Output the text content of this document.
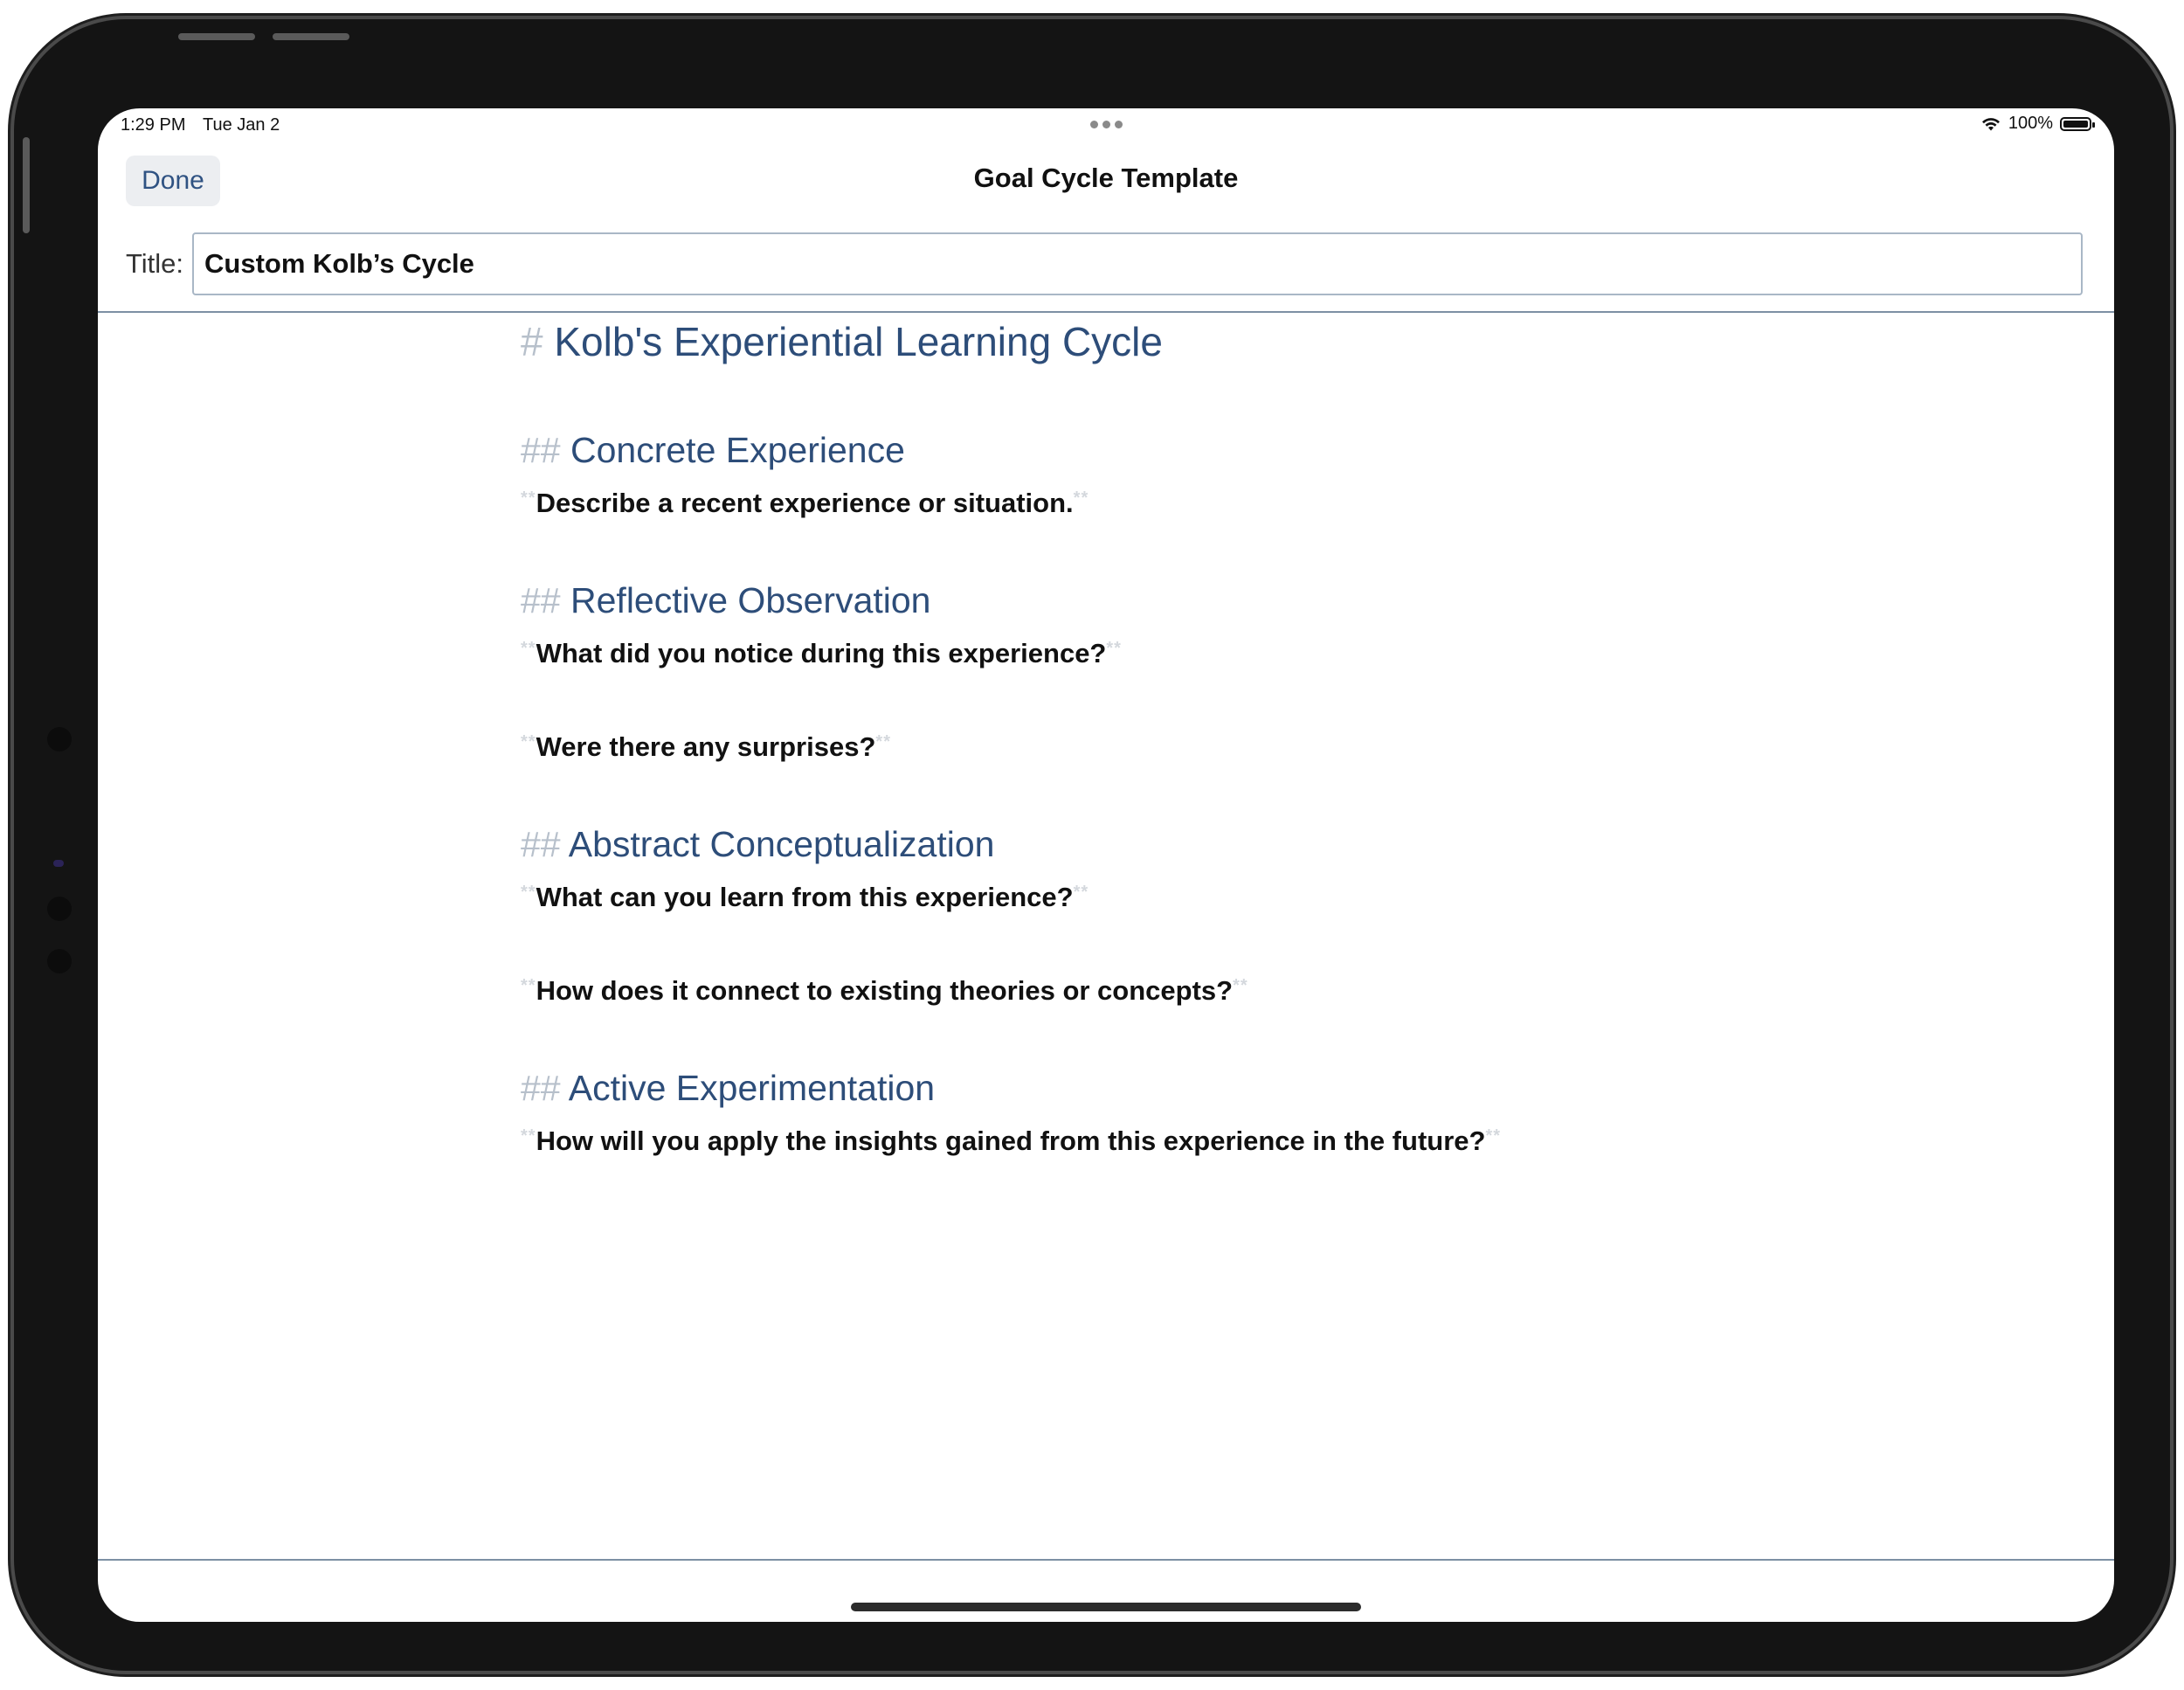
1:29 PM Tue Jan 2	100%
Goal Cycle Template
Done
Title:
Custom Kolb’s Cycle
# Kolb's Experiential Learning Cycle
## Concrete Experience
**Describe a recent experience or situation.**
## Reflective Observation
**What did you notice during this experience?**
**Were there any surprises?**
## Abstract Conceptualization
**What can you learn from this experience?**
**How does it connect to existing theories or concepts?**
## Active Experimentation
**How will you apply the insights gained from this experience in the future?**
